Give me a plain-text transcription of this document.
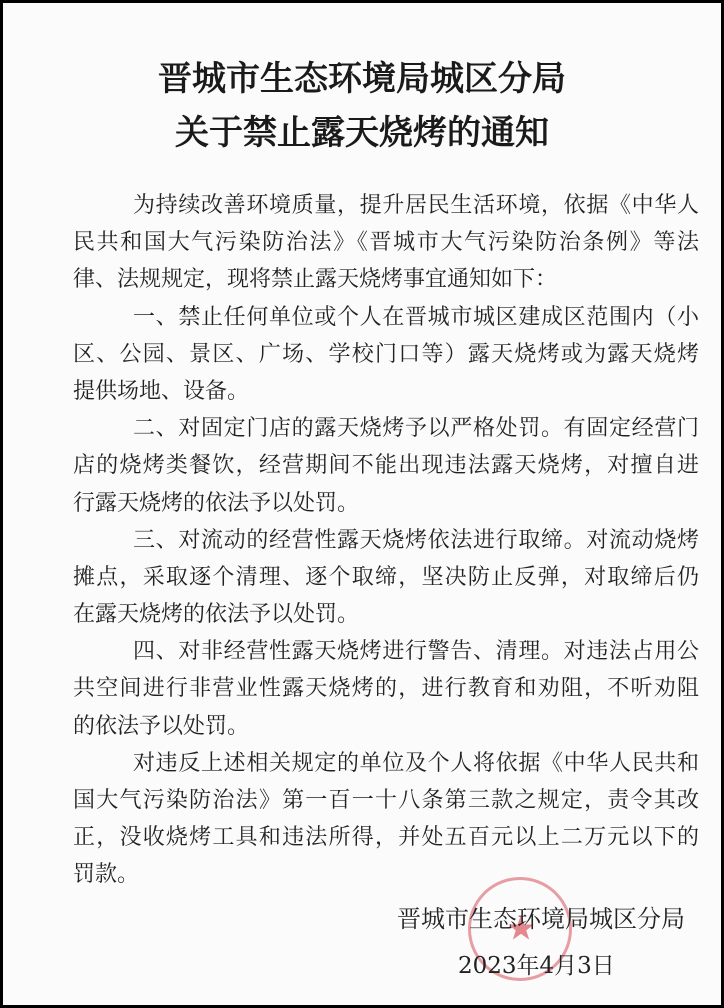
晋城市生态环境局城区分局
关于禁止露天烧烤的通知
为持续改善环境质量，提升居民生活环境，依据《中华人
民共和国大气污染防治法》《晋城市大气污染防治条例》等法
律、法规规定，现将禁止露天烧烤事宜通知如下：
一、禁止任何单位或个人在晋城市城区建成区范围内（小
区、公园、景区、广场、学校门口等）露天烧烤或为露天烧烤
提供场地、设备。
二、对固定门店的露天烧烤予以严格处罚。有固定经营门
店的烧烤类餐饮，经营期间不能出现违法露天烧烤，对擅自进
行露天烧烤的依法予以处罚。
三、对流动的经营性露天烧烤依法进行取缔。对流动烧烤
摊点，采取逐个清理、逐个取缔，坚决防止反弹，对取缔后仍
在露天烧烤的依法予以处罚。
四、对非经营性露天烧烤进行警告、清理。对违法占用公
共空间进行非营业性露天烧烤的，进行教育和劝阻，不听劝阻
的依法予以处罚。
对违反上述相关规定的单位及个人将依据《中华人民共和
国大气污染防治法》第一百一十八条第三款之规定，责令其改
正，没收烧烤工具和违法所得，并处五百元以上二万元以下的
罚款。
晋城市生态环境局城区分局
2023年4月3日
